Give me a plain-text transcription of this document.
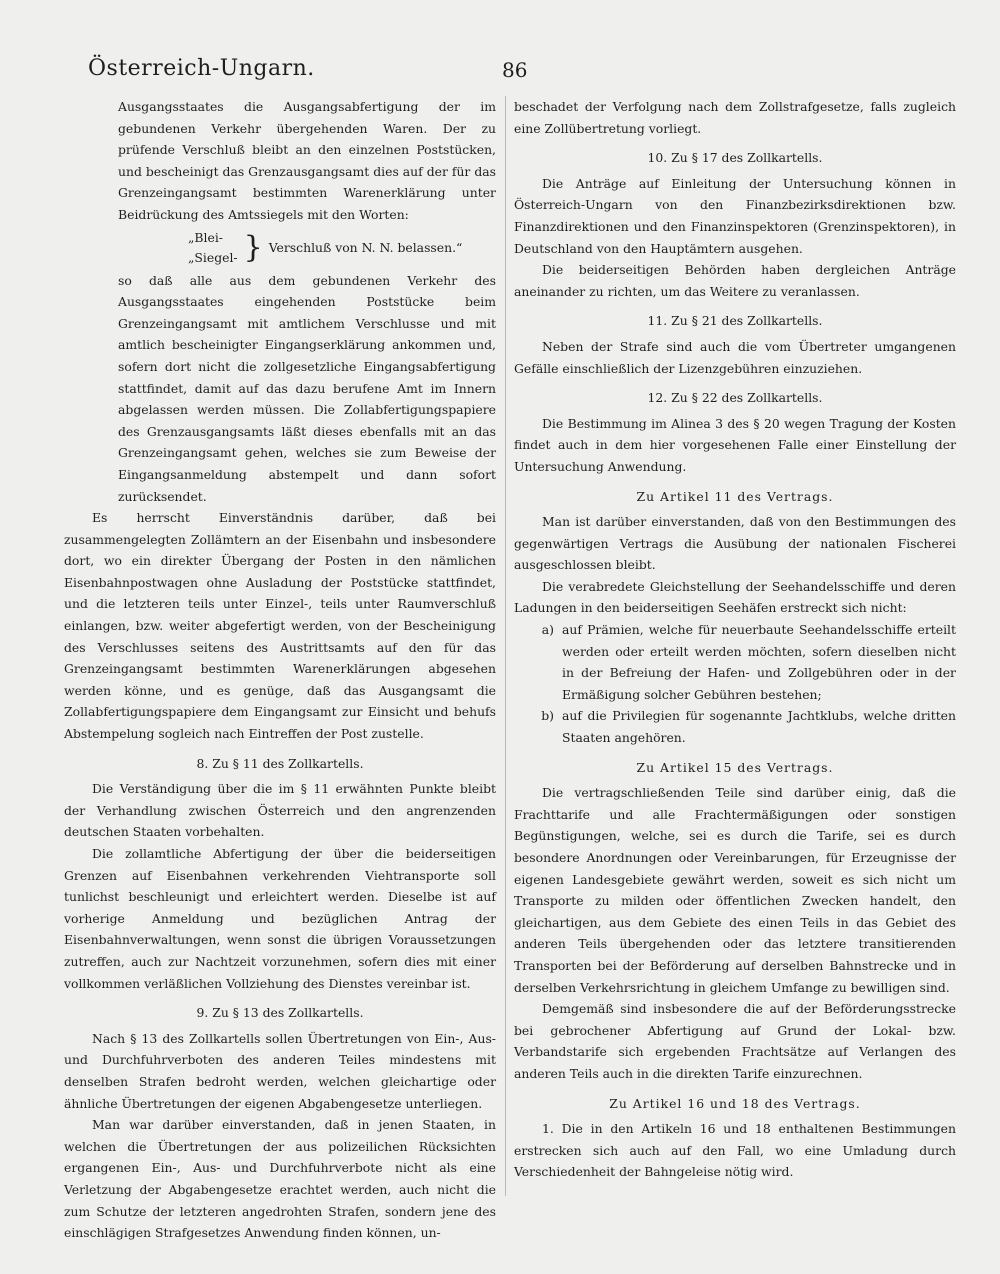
Österreich-Ungarn.	86

Ausgangsstaates die Ausgangsabfertigung der im gebundenen Verkehr übergehenden Waren. Der zu prüfende Verschluß bleibt an den einzelnen Poststücken, und bescheinigt das Grenzausgangsamt dies auf der für das Grenzeingangsamt bestimmten Warenerklärung unter Beidrückung des Amtssiegels mit den Worten:

„Blei-
„Siegel- } Verschluß von N. N. belassen.“

so daß alle aus dem gebundenen Verkehr des Ausgangsstaates eingehenden Poststücke beim Grenzeingangsamt mit amtlichem Verschlusse und mit amtlich bescheinigter Eingangserklärung ankommen und, sofern dort nicht die zollgesetzliche Eingangsabfertigung stattfindet, damit auf das dazu berufene Amt im Innern abgelassen werden müssen. Die Zollabfertigungspapiere des Grenzausgangsamts läßt dieses ebenfalls mit an das Grenzeingangsamt gehen, welches sie zum Beweise der Eingangsanmeldung abstempelt und dann sofort zurücksendet.

Es herrscht Einverständnis darüber, daß bei zusammengelegten Zollämtern an der Eisenbahn und insbesondere dort, wo ein direkter Übergang der Posten in den nämlichen Eisenbahnpostwagen ohne Ausladung der Poststücke stattfindet, und die letzteren teils unter Einzel-, teils unter Raumverschluß einlangen, bzw. weiter abgefertigt werden, von der Bescheinigung des Verschlusses seitens des Austrittsamts auf den für das Grenzeingangsamt bestimmten Warenerklärungen abgesehen werden könne, und es genüge, daß das Ausgangsamt die Zollabfertigungspapiere dem Eingangsamt zur Einsicht und behufs Abstempelung sogleich nach Eintreffen der Post zustelle.

8. Zu § 11 des Zollkartells.

Die Verständigung über die im § 11 erwähnten Punkte bleibt der Verhandlung zwischen Österreich und den angrenzenden deutschen Staaten vorbehalten.

Die zollamtliche Abfertigung der über die beiderseitigen Grenzen auf Eisenbahnen verkehrenden Viehtransporte soll tunlichst beschleunigt und erleichtert werden. Dieselbe ist auf vorherige Anmeldung und bezüglichen Antrag der Eisenbahnverwaltungen, wenn sonst die übrigen Voraussetzungen zutreffen, auch zur Nachtzeit vorzunehmen, sofern dies mit einer vollkommen verläßlichen Vollziehung des Dienstes vereinbar ist.

9. Zu § 13 des Zollkartells.

Nach § 13 des Zollkartells sollen Übertretungen von Ein-, Aus- und Durchfuhrverboten des anderen Teiles mindestens mit denselben Strafen bedroht werden, welchen gleichartige oder ähnliche Übertretungen der eigenen Abgabengesetze unterliegen.

Man war darüber einverstanden, daß in jenen Staaten, in welchen die Übertretungen der aus polizeilichen Rücksichten ergangenen Ein-, Aus- und Durchfuhrverbote nicht als eine Verletzung der Abgabengesetze erachtet werden, auch nicht die zum Schutze der letzteren angedrohten Strafen, sondern jene des einschlägigen Strafgesetzes Anwendung finden können, un-

beschadet der Verfolgung nach dem Zollstrafgesetze, falls zugleich eine Zollübertretung vorliegt.

10. Zu § 17 des Zollkartells.

Die Anträge auf Einleitung der Untersuchung können in Österreich-Ungarn von den Finanzbezirksdirektionen bzw. Finanzdirektionen und den Finanzinspektoren (Grenzinspektoren), in Deutschland von den Hauptämtern ausgehen.

Die beiderseitigen Behörden haben dergleichen Anträge aneinander zu richten, um das Weitere zu veranlassen.

11. Zu § 21 des Zollkartells.

Neben der Strafe sind auch die vom Übertreter umgangenen Gefälle einschließlich der Lizenzgebühren einzuziehen.

12. Zu § 22 des Zollkartells.

Die Bestimmung im Alinea 3 des § 20 wegen Tragung der Kosten findet auch in dem hier vorgesehenen Falle einer Einstellung der Untersuchung Anwendung.

Zu Artikel 11 des Vertrags.

Man ist darüber einverstanden, daß von den Bestimmungen des gegenwärtigen Vertrags die Ausübung der nationalen Fischerei ausgeschlossen bleibt.

Die verabredete Gleichstellung der Seehandelsschiffe und deren Ladungen in den beiderseitigen Seehäfen erstreckt sich nicht:

a) auf Prämien, welche für neuerbaute Seehandelsschiffe erteilt werden oder erteilt werden möchten, sofern dieselben nicht in der Befreiung der Hafen- und Zollgebühren oder in der Ermäßigung solcher Gebühren bestehen;
b) auf die Privilegien für sogenannte Jachtklubs, welche dritten Staaten angehören.

Zu Artikel 15 des Vertrags.

Die vertragschließenden Teile sind darüber einig, daß die Frachttarife und alle Frachtermäßigungen oder sonstigen Begünstigungen, welche, sei es durch die Tarife, sei es durch besondere Anordnungen oder Vereinbarungen, für Erzeugnisse der eigenen Landesgebiete gewährt werden, soweit es sich nicht um Transporte zu milden oder öffentlichen Zwecken handelt, den gleichartigen, aus dem Gebiete des einen Teils in das Gebiet des anderen Teils übergehenden oder das letztere transitierenden Transporten bei der Beförderung auf derselben Bahnstrecke und in derselben Verkehrsrichtung in gleichem Umfange zu bewilligen sind.

Demgemäß sind insbesondere die auf der Beförderungsstrecke bei gebrochener Abfertigung auf Grund der Lokal- bzw. Verbandstarife sich ergebenden Frachtsätze auf Verlangen des anderen Teils auch in die direkten Tarife einzurechnen.

Zu Artikel 16 und 18 des Vertrags.

1. Die in den Artikeln 16 und 18 enthaltenen Bestimmungen erstrecken sich auch auf den Fall, wo eine Umladung durch Verschiedenheit der Bahngeleise nötig wird.
